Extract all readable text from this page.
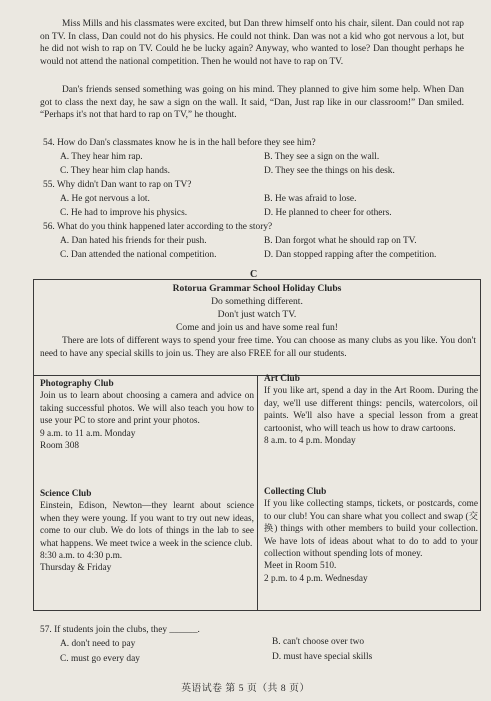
Miss Mills and his classmates were excited, but Dan threw himself onto his chair, silent. Dan could not rap on TV. In class, Dan could not do his physics. He could not think. Dan was not a kid who got nervous a lot, but he did not wish to rap on TV. Could he be lucky again? Anyway, who wanted to lose? Dan thought perhaps he would not attend the national competition. Then he would not have to rap on TV.

Dan's friends sensed something was going on his mind. They planned to give him some help. When Dan got to class the next day, he saw a sign on the wall. It said, “Dan, Just rap like in our classroom!” Dan smiled. “Perhaps it's not that hard to rap on TV,” he thought.

54. How do Dan's classmates know he is in the hall before they see him?

A. They hear him rap.	B. They see a sign on the wall.

C. They hear him clap hands.	D. They see the things on his desk.

55. Why didn't Dan want to rap on TV?

A. He got nervous a lot.	B. He was afraid to lose.

C. He had to improve his physics.	D. He planned to cheer for others.

56. What do you think happened later according to the story?

A. Dan hated his friends for their push.	B. Dan forgot what he should rap on TV.

C. Dan attended the national competition.	D. Dan stopped rapping after the competition.

C

Rotorua Grammar School Holiday Clubs

Do something different.

Don't just watch TV.

Come and join us and have some real fun!

There are lots of different ways to spend your free time. You can choose as many clubs as you like. You don't need to have any special skills to join us. They are also FREE for all our students.

Photography Club

Join us to learn about choosing a camera and advice on taking successful photos. We will also teach you how to use your PC to store and print your photos.

9 a.m. to 11 a.m. Monday

Room 308

Art Club

If you like art, spend a day in the Art Room. During the day, we'll use different things: pencils, watercolors, oil paints. We'll also have a special lesson from a great cartoonist, who will teach us how to draw cartoons.

8 a.m. to 4 p.m. Monday

Science Club

Einstein, Edison, Newton—they learnt about science when they were young. If you want to try out new ideas, come to our club. We do lots of things in the lab to see what happens. We meet twice a week in the science club.

8:30 a.m. to 4:30 p.m.

Thursday & Friday

Collecting Club

If you like collecting stamps, tickets, or postcards, come to our club! You can share what you collect and swap (交换) things with other members to build your collection. We have lots of ideas about what to do to add to your collection without spending lots of money.

Meet in Room 510.

2 p.m. to 4 p.m. Wednesday

57. If students join the clubs, they ______.

A. don't need to pay	B. can't choose over two

C. must go every day	D. must have special skills

英语试卷 第 5 页（共 8 页）
